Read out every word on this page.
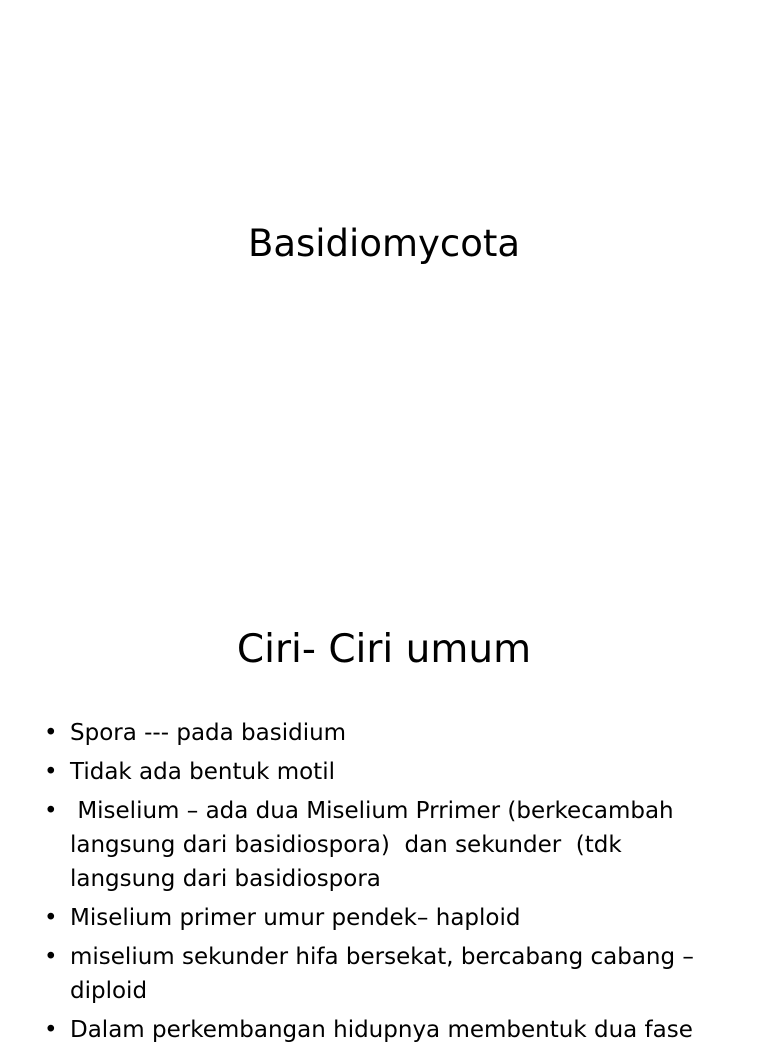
Basidiomycota
Ciri- Ciri umum
• Spora --- pada basidium
• Tidak ada bentuk motil
• Miselium – ada dua Miselium Prrimer (berkecambah langsung dari basidiospora)  dan sekunder  (tdk langsung dari basidiospora
• Miselium primer umur pendek– haploid
• miselium sekunder hifa bersekat, bercabang cabang – diploid
• Dalam perkembangan hidupnya membentuk dua fase
